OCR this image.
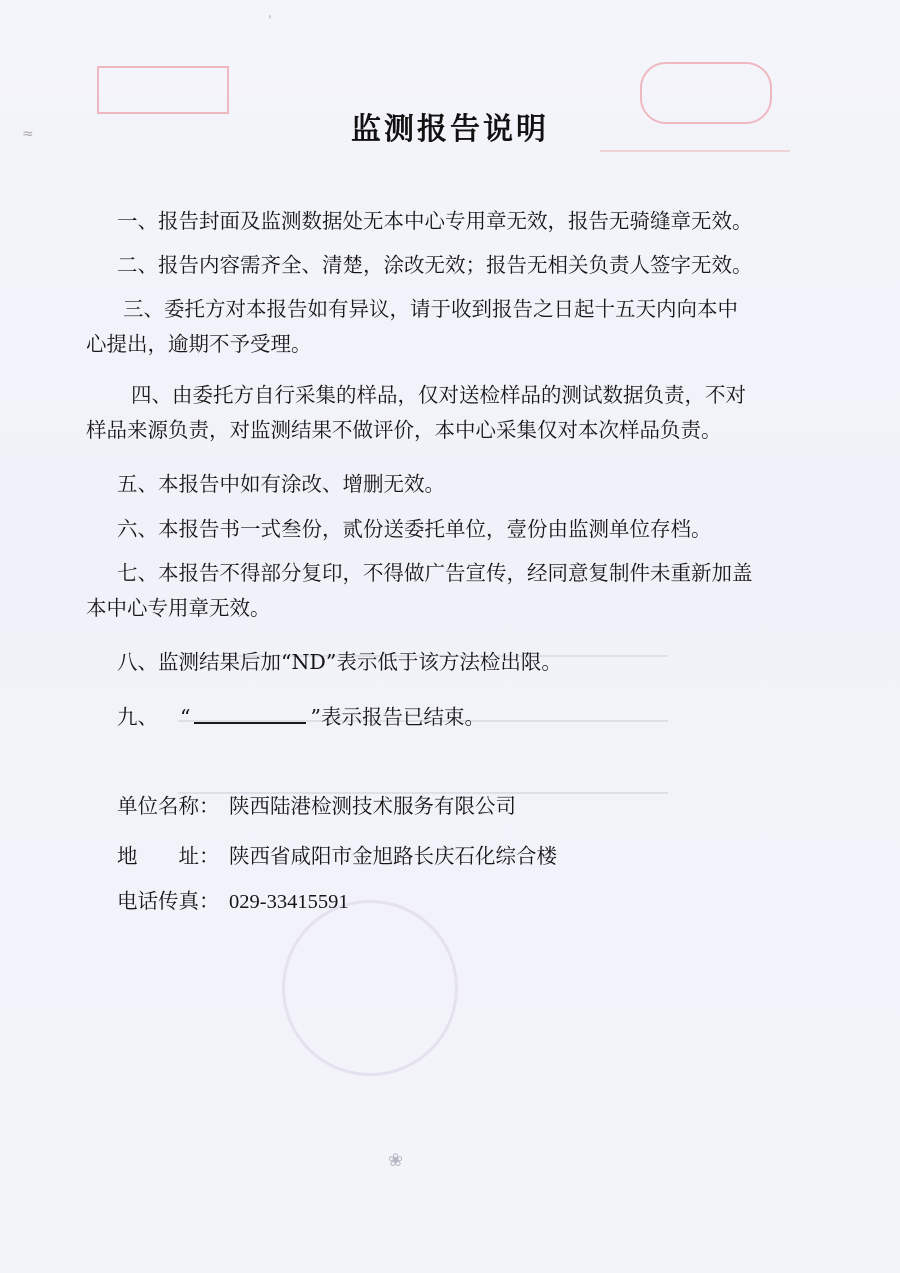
ˈ
≈
❀
监测报告说明
一、报告封面及监测数据处无本中心专用章无效，报告无骑缝章无效。
二、报告内容需齐全、清楚，涂改无效；报告无相关负责人签字无效。
三、委托方对本报告如有异议，请于收到报告之日起十五天内向本中
心提出，逾期不予受理。
四、由委托方自行采集的样品，仅对送检样品的测试数据负责，不对
样品来源负责，对监测结果不做评价，本中心采集仅对本次样品负责。
五、本报告中如有涂改、增删无效。
六、本报告书一式叁份，贰份送委托单位，壹份由监测单位存档。
七、本报告不得部分复印，不得做广告宣传，经同意复制件未重新加盖
本中心专用章无效。
八、监测结果后加“ND”表示低于该方法检出限。
九、 “	”表示报告已结束。
单位名称： 陕西陆港检测技术服务有限公司
地　　址： 陕西省咸阳市金旭路长庆石化综合楼
电话传真： 029-33415591
